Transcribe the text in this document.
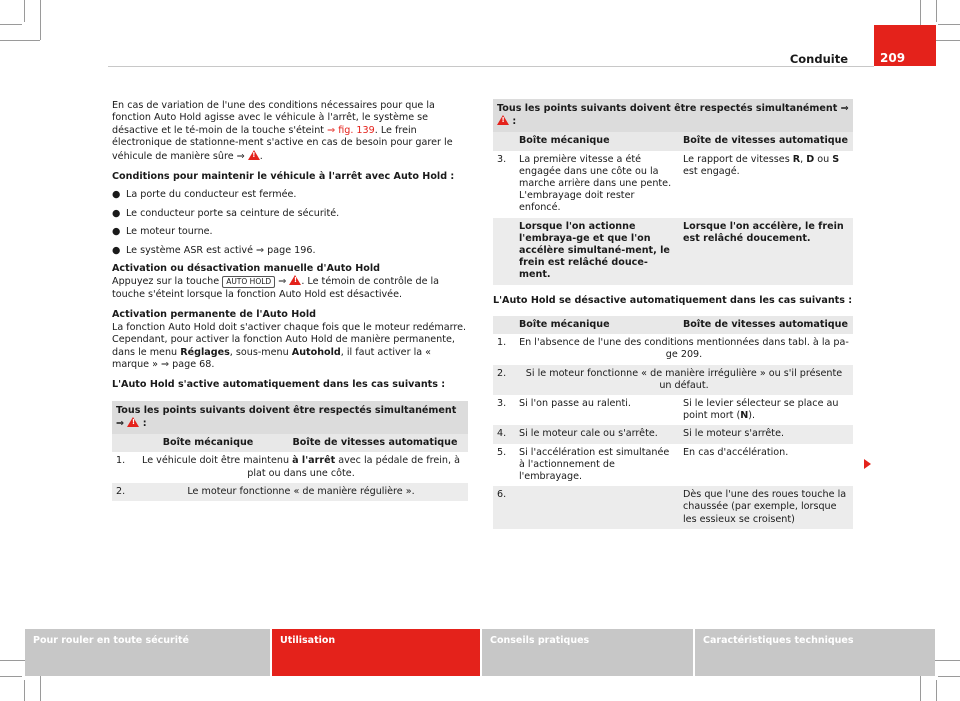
Conduite	209

En cas de variation de l'une des conditions nécessaires pour que la fonction Auto Hold agisse avec le véhicule à l'arrêt, le système se désactive et le té-moin de la touche s'éteint ⇒ fig. 139. Le frein électronique de stationne-ment s'active en cas de besoin pour garer le véhicule de manière sûre ⇒ !.

Conditions pour maintenir le véhicule à l'arrêt avec Auto Hold :

● La porte du conducteur est fermée.

● Le conducteur porte sa ceinture de sécurité.

● Le moteur tourne.

● Le système ASR est activé ⇒ page 196.

Activation ou désactivation manuelle d'Auto Hold

Appuyez sur la touche AUTO HOLD ⇒ !. Le témoin de contrôle de la touche s'éteint lorsque la fonction Auto Hold est désactivée.

Activation permanente de l'Auto Hold

La fonction Auto Hold doit s'activer chaque fois que le moteur redémarre. Cependant, pour activer la fonction Auto Hold de manière permanente, dans le menu Réglages, sous-menu Autohold, il faut activer la « marque » ⇒ page 68.

L'Auto Hold s'active automatiquement dans les cas suivants :

Tous les points suivants doivent être respectés simultanément ⇒ ! :
	Boîte mécanique	Boîte de vitesses automatique
1.	Le véhicule doit être maintenu à l'arrêt avec la pédale de frein, à plat ou dans une côte.	
2.	Le moteur fonctionne « de manière régulière ».	
Tous les points suivants doivent être respectés simultanément ⇒ ! :
	Boîte mécanique	Boîte de vitesses automatique
3.	La première vitesse a été engagée dans une côte ou la marche arrière dans une pente. L'embrayage doit rester enfoncé.	Le rapport de vitesses R, D ou S est engagé.
	Lorsque l'on actionne l'embraya-ge et que l'on accélère simultané-ment, le frein est relâché douce-ment.	Lorsque l'on accélère, le frein est relâché doucement.

L'Auto Hold se désactive automatiquement dans les cas suivants :

	Boîte mécanique	Boîte de vitesses automatique
1.	En l'absence de l'une des conditions mentionnées dans tabl. à la pa-ge 209.	
2.	Si le moteur fonctionne « de manière irrégulière » ou s'il présente un défaut.	
3.	Si l'on passe au ralenti.	Si le levier sélecteur se place au point mort (N).
4.	Si le moteur cale ou s'arrête.	Si le moteur s'arrête.
5.	Si l'accélération est simultanée à l'actionnement de l'embrayage.	En cas d'accélération.
6.		Dès que l'une des roues touche la chaussée (par exemple, lorsque les essieux se croisent)
Pour rouler en toute sécurité	Utilisation	Conseils pratiques	Caractéristiques techniques
